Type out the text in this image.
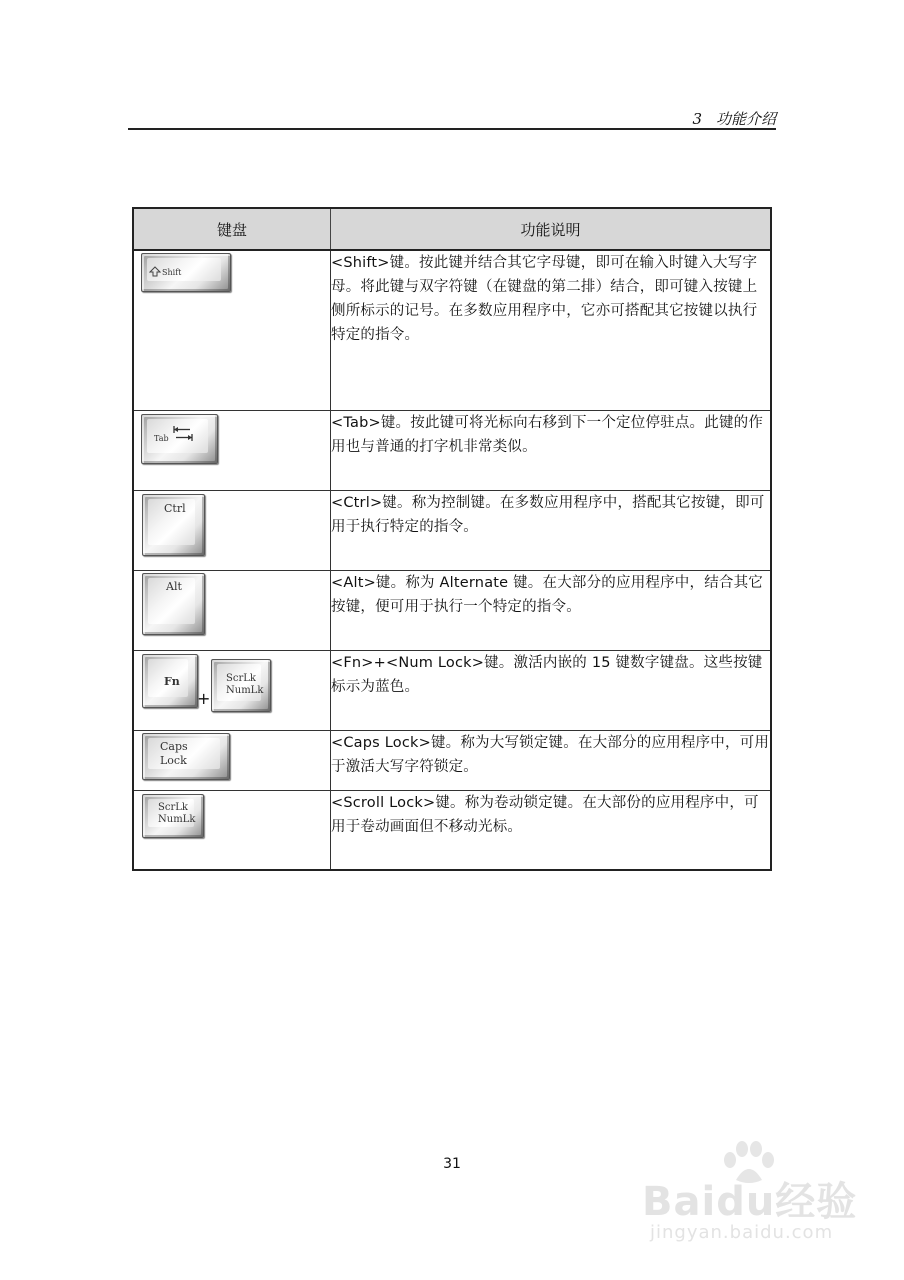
3 功能介绍
键盘	功能说明

Shift	<Shift>键。按此键并结合其它字母键，即可在输入时键入大写字母。将此键与双字符键（在键盘的第二排）结合，即可键入按键上侧所标示的记号。在多数应用程序中，它亦可搭配其它按键以执行特定的指令。

Tab	<Tab>键。按此键可将光标向右移到下一个定位停驻点。此键的作用也与普通的打字机非常类似。

Ctrl	<Ctrl>键。称为控制键。在多数应用程序中，搭配其它按键，即可用于执行特定的指令。

Alt	<Alt>键。称为 Alternate 键。在大部分的应用程序中，结合其它按键，便可用于执行一个特定的指令。

Fn
+
ScrLk
NumLk	<Fn>+<Num Lock>键。激活内嵌的 15 键数字键盘。这些按键标示为蓝色。

Caps
Lock	<Caps Lock>键。称为大写锁定键。在大部分的应用程序中，可用于激活大写字符锁定。

ScrLk
NumLk	<Scroll Lock>键。称为卷动锁定键。在大部份的应用程序中，可用于卷动画面但不移动光标。
31
Baidu经验
jingyan.baidu.com
